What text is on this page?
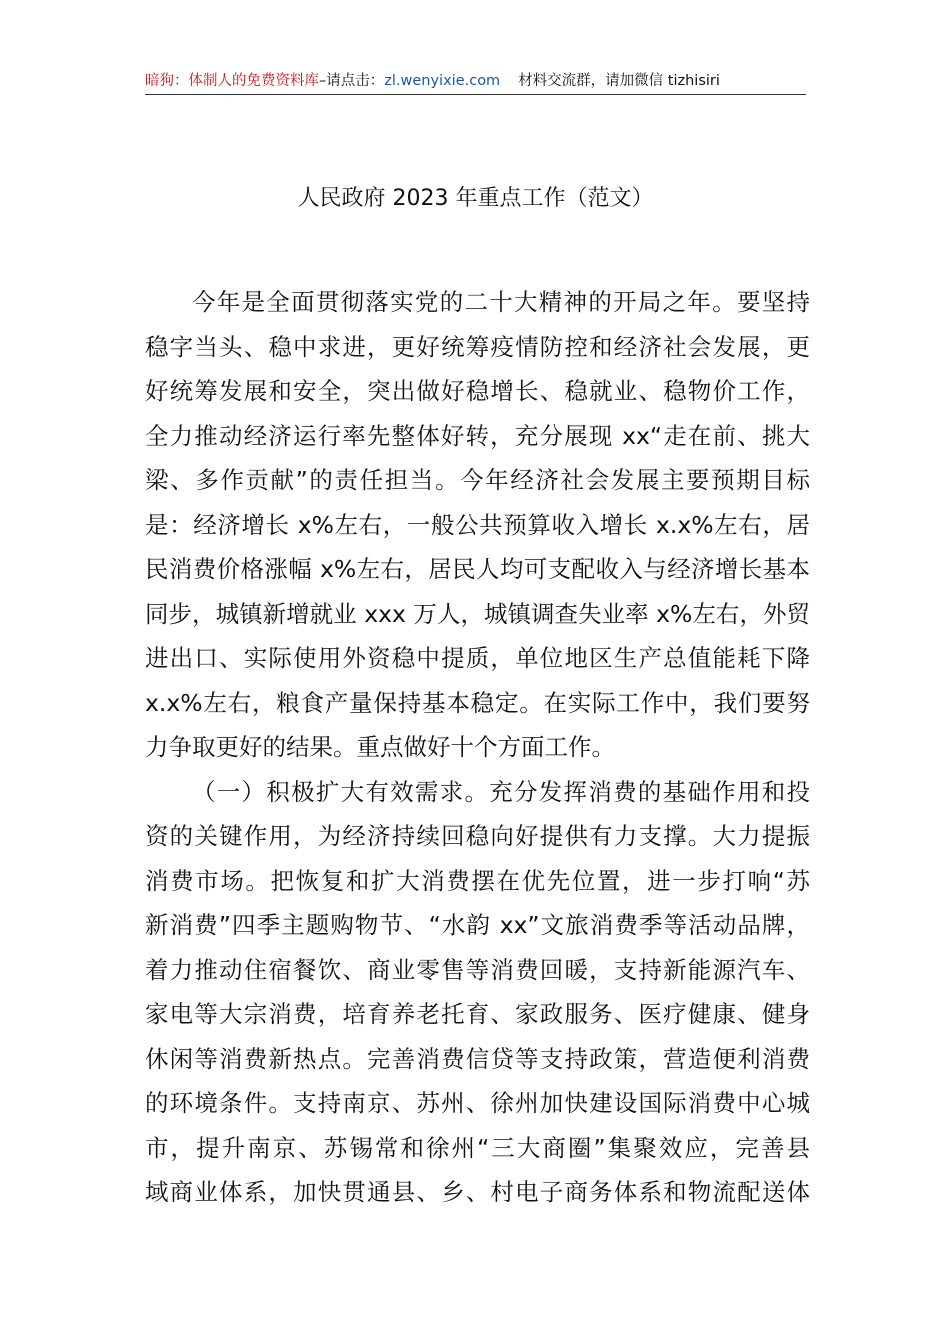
暗狗：体制人的免费资料库–请点击：zl.wenyixie.com 材料交流群，请加微信 tizhisiri
人民政府 2023 年重点工作（范文）
今年是全面贯彻落实党的二十大精神的开局之年。要坚持
稳字当头、稳中求进，更好统筹疫情防控和经济社会发展，更
好统筹发展和安全，突出做好稳增长、稳就业、稳物价工作，
全力推动经济运行率先整体好转，充分展现 xx“走在前、挑大
梁、多作贡献”的责任担当。今年经济社会发展主要预期目标
是：经济增长 x%左右，一般公共预算收入增长 x.x%左右，居
民消费价格涨幅 x%左右，居民人均可支配收入与经济增长基本
同步，城镇新增就业 xxx 万人，城镇调查失业率 x%左右，外贸
进出口、实际使用外资稳中提质，单位地区生产总值能耗下降
x.x%左右，粮食产量保持基本稳定。在实际工作中，我们要努
力争取更好的结果。重点做好十个方面工作。
（一）积极扩大有效需求。充分发挥消费的基础作用和投
资的关键作用，为经济持续回稳向好提供有力支撑。大力提振
消费市场。把恢复和扩大消费摆在优先位置，进一步打响“苏
新消费”四季主题购物节、“水韵 xx”文旅消费季等活动品牌，
着力推动住宿餐饮、商业零售等消费回暖，支持新能源汽车、
家电等大宗消费，培育养老托育、家政服务、医疗健康、健身
休闲等消费新热点。完善消费信贷等支持政策，营造便利消费
的环境条件。支持南京、苏州、徐州加快建设国际消费中心城
市，提升南京、苏锡常和徐州“三大商圈”集聚效应，完善县
域商业体系，加快贯通县、乡、村电子商务体系和物流配送体
